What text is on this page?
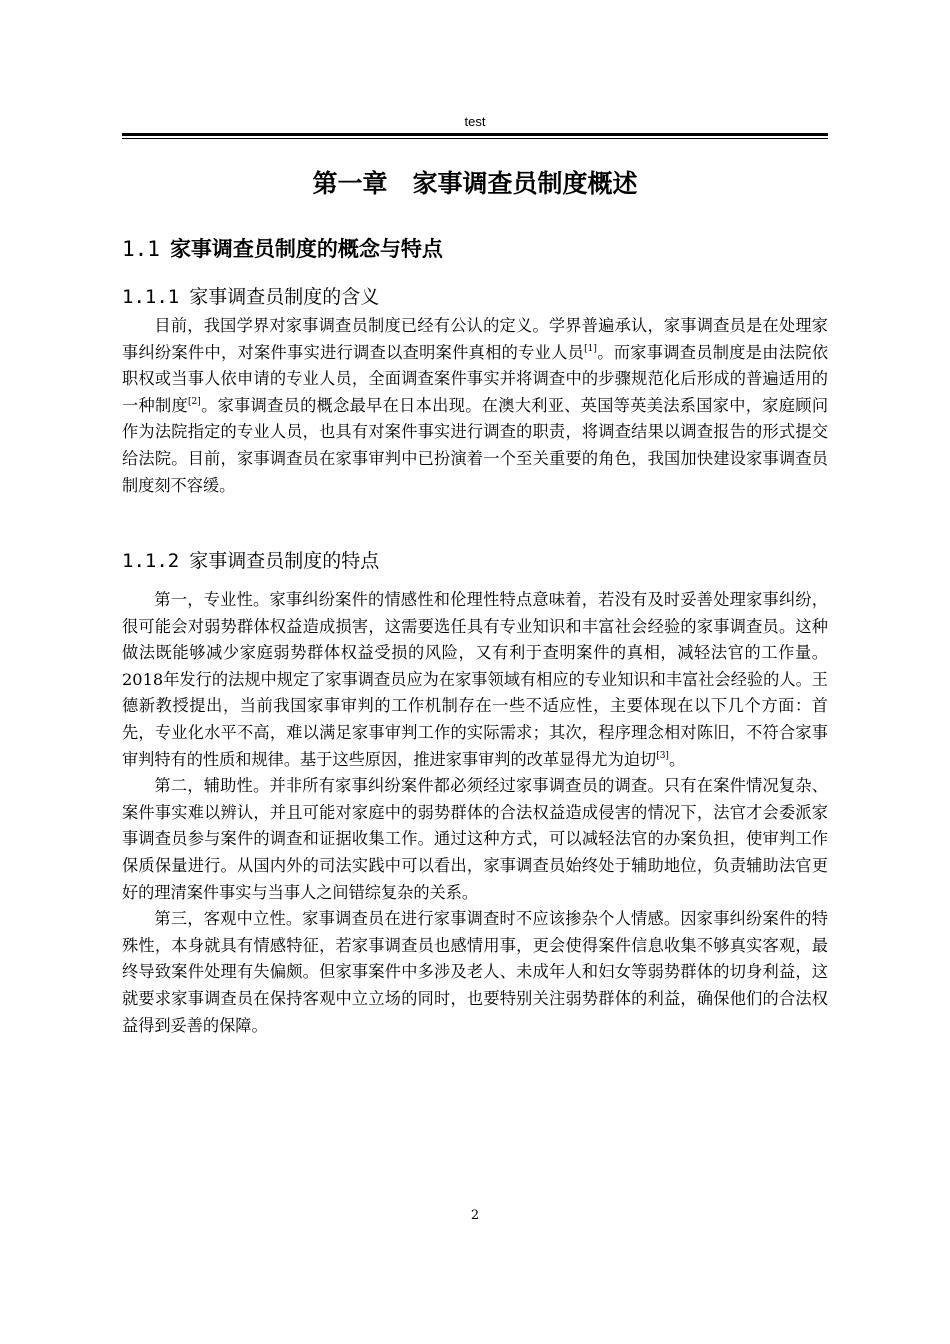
test
第一章　家事调查员制度概述
1.1 家事调查员制度的概念与特点
1.1.1 家事调查员制度的含义

目前，我国学界对家事调查员制度已经有公认的定义。学界普遍承认，家事调查员是在处理家事纠纷案件中，对案件事实进行调查以查明案件真相的专业人员[1]。而家事调查员制度是由法院依职权或当事人依申请的专业人员，全面调查案件事实并将调查中的步骤规范化后形成的普遍适用的一种制度[2]。家事调查员的概念最早在日本出现。在澳大利亚、英国等英美法系国家中，家庭顾问作为法院指定的专业人员，也具有对案件事实进行调查的职责，将调查结果以调查报告的形式提交给法院。目前，家事调查员在家事审判中已扮演着一个至关重要的角色，我国加快建设家事调查员制度刻不容缓。

1.1.2 家事调查员制度的特点

第一，专业性。家事纠纷案件的情感性和伦理性特点意味着，若没有及时妥善处理家事纠纷，很可能会对弱势群体权益造成损害，这需要选任具有专业知识和丰富社会经验的家事调查员。这种做法既能够减少家庭弱势群体权益受损的风险，又有利于查明案件的真相，减轻法官的工作量。2018年发行的法规中规定了家事调查员应为在家事领域有相应的专业知识和丰富社会经验的人。王德新教授提出，当前我国家事审判的工作机制存在一些不适应性，主要体现在以下几个方面：首先，专业化水平不高，难以满足家事审判工作的实际需求；其次，程序理念相对陈旧，不符合家事审判特有的性质和规律。基于这些原因，推进家事审判的改革显得尤为迫切[3]。

第二，辅助性。并非所有家事纠纷案件都必须经过家事调查员的调查。只有在案件情况复杂、案件事实难以辨认，并且可能对家庭中的弱势群体的合法权益造成侵害的情况下，法官才会委派家事调查员参与案件的调查和证据收集工作。通过这种方式，可以减轻法官的办案负担，使审判工作保质保量进行。从国内外的司法实践中可以看出，家事调查员始终处于辅助地位，负责辅助法官更好的理清案件事实与当事人之间错综复杂的关系。

第三，客观中立性。家事调查员在进行家事调查时不应该掺杂个人情感。因家事纠纷案件的特殊性，本身就具有情感特征，若家事调查员也感情用事，更会使得案件信息收集不够真实客观，最终导致案件处理有失偏颇。但家事案件中多涉及老人、未成年人和妇女等弱势群体的切身利益，这就要求家事调查员在保持客观中立立场的同时，也要特别关注弱势群体的利益，确保他们的合法权益得到妥善的保障。

2
